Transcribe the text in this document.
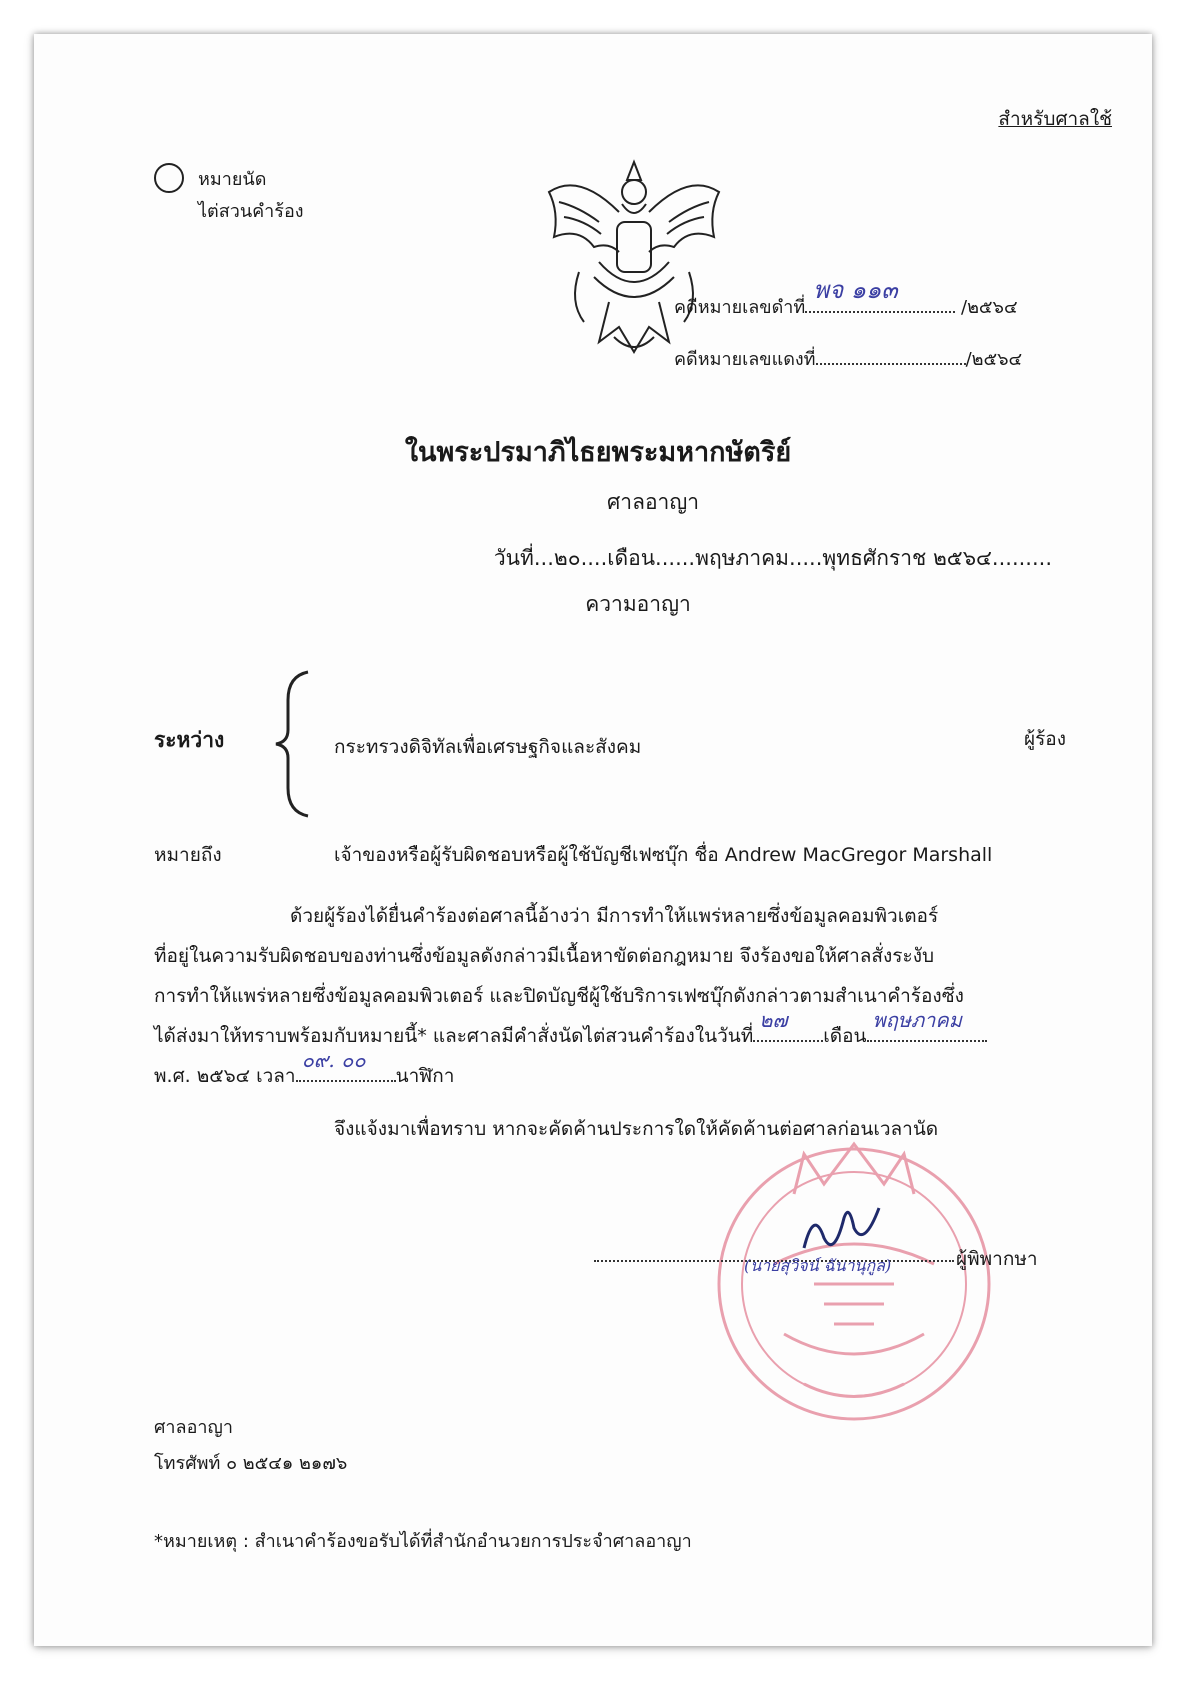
สำหรับศาลใช้
หมายนัด
ไต่สวนคำร้อง
คดีหมายเลขดำที่
พจ ๑๑๓
/๒๕๖๔
คดีหมายเลขแดงที่	/๒๕๖๔
ในพระปรมาภิไธยพระมหากษัตริย์
ศาลอาญา
วันที่...๒๐....เดือน......พฤษภาคม.....พุทธศักราช ๒๕๖๔.........
ความอาญา
ระหว่าง	กระทรวงดิจิทัลเพื่อเศรษฐกิจและสังคม	ผู้ร้อง
หมายถึง	เจ้าของหรือผู้รับผิดชอบหรือผู้ใช้บัญชีเฟซบุ๊ก ชื่อ Andrew MacGregor Marshall
ด้วยผู้ร้องได้ยื่นคำร้องต่อศาลนี้อ้างว่า มีการทำให้แพร่หลายซึ่งข้อมูลคอมพิวเตอร์
ที่อยู่ในความรับผิดชอบของท่านซึ่งข้อมูลดังกล่าวมีเนื้อหาขัดต่อกฎหมาย จึงร้องขอให้ศาลสั่งระงับ
การทำให้แพร่หลายซึ่งข้อมูลคอมพิวเตอร์ และปิดบัญชีผู้ใช้บริการเฟซบุ๊กดังกล่าวตามสำเนาคำร้องซึ่ง
ได้ส่งมาให้ทราบพร้อมกับหมายนี้* และศาลมีคำสั่งนัดไต่สวนคำร้องในวันที่
๒๗
เดือน
พฤษภาคม
พ.ศ. ๒๕๖๔ เวลา
๐๙. ๐๐
นาฬิกา
จึงแจ้งมาเพื่อทราบ หากจะคัดค้านประการใดให้คัดค้านต่อศาลก่อนเวลานัด
(นายสุวิจน์ ฉันานุกูล)	ผู้พิพากษา
ศาลอาญา
โทรศัพท์ ๐ ๒๕๔๑ ๒๑๗๖
*หมายเหตุ : สำเนาคำร้องขอรับได้ที่สำนักอำนวยการประจำศาลอาญา
